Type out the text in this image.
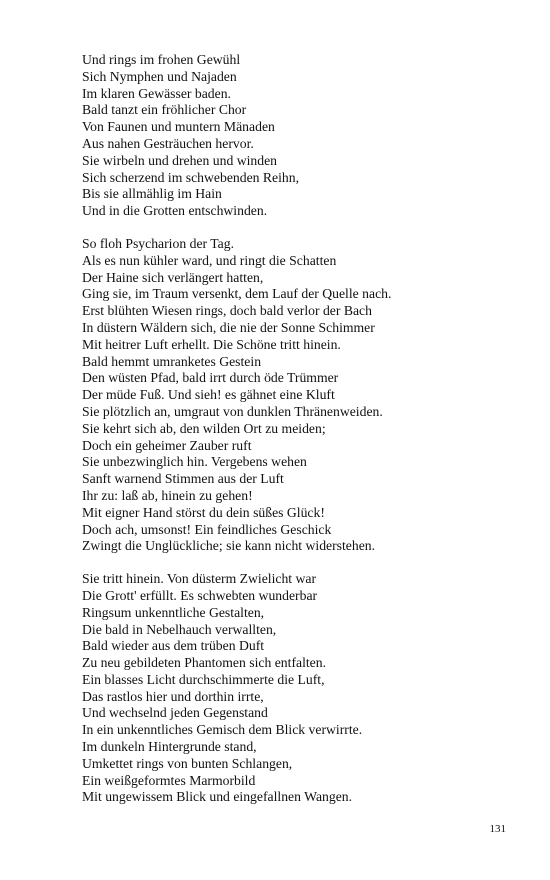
Und rings im frohen Gewühl
Sich Nymphen und Najaden
Im klaren Gewässer baden.
Bald tanzt ein fröhlicher Chor
Von Faunen und muntern Mänaden
Aus nahen Gesträuchen hervor.
Sie wirbeln und drehen und winden
Sich scherzend im schwebenden Reihn,
Bis sie allmählig im Hain
Und in die Grotten entschwinden.
So floh Psycharion der Tag.
Als es nun kühler ward, und ringt die Schatten
Der Haine sich verlängert hatten,
Ging sie, im Traum versenkt, dem Lauf der Quelle nach.
Erst blühten Wiesen rings, doch bald verlor der Bach
In düstern Wäldern sich, die nie der Sonne Schimmer
Mit heitrer Luft erhellt. Die Schöne tritt hinein.
Bald hemmt umranketes Gestein
Den wüsten Pfad, bald irrt durch öde Trümmer
Der müde Fuß. Und sieh! es gähnet eine Kluft
Sie plötzlich an, umgraut von dunklen Thränenweiden.
Sie kehrt sich ab, den wilden Ort zu meiden;
Doch ein geheimer Zauber ruft
Sie unbezwinglich hin. Vergebens wehen
Sanft warnend Stimmen aus der Luft
Ihr zu: laß ab, hinein zu gehen!
Mit eigner Hand störst du dein süßes Glück!
Doch ach, umsonst! Ein feindliches Geschick
Zwingt die Unglückliche; sie kann nicht widerstehen.
Sie tritt hinein. Von düsterm Zwielicht war
Die Grott' erfüllt. Es schwebten wunderbar
Ringsum unkenntliche Gestalten,
Die bald in Nebelhauch verwallten,
Bald wieder aus dem trüben Duft
Zu neu gebildeten Phantomen sich entfalten.
Ein blasses Licht durchschimmerte die Luft,
Das rastlos hier und dorthin irrte,
Und wechselnd jeden Gegenstand
In ein unkenntliches Gemisch dem Blick verwirrte.
Im dunkeln Hintergrunde stand,
Umkettet rings von bunten Schlangen,
Ein weißgeformtes Marmorbild
Mit ungewissem Blick und eingefallnen Wangen.
131
